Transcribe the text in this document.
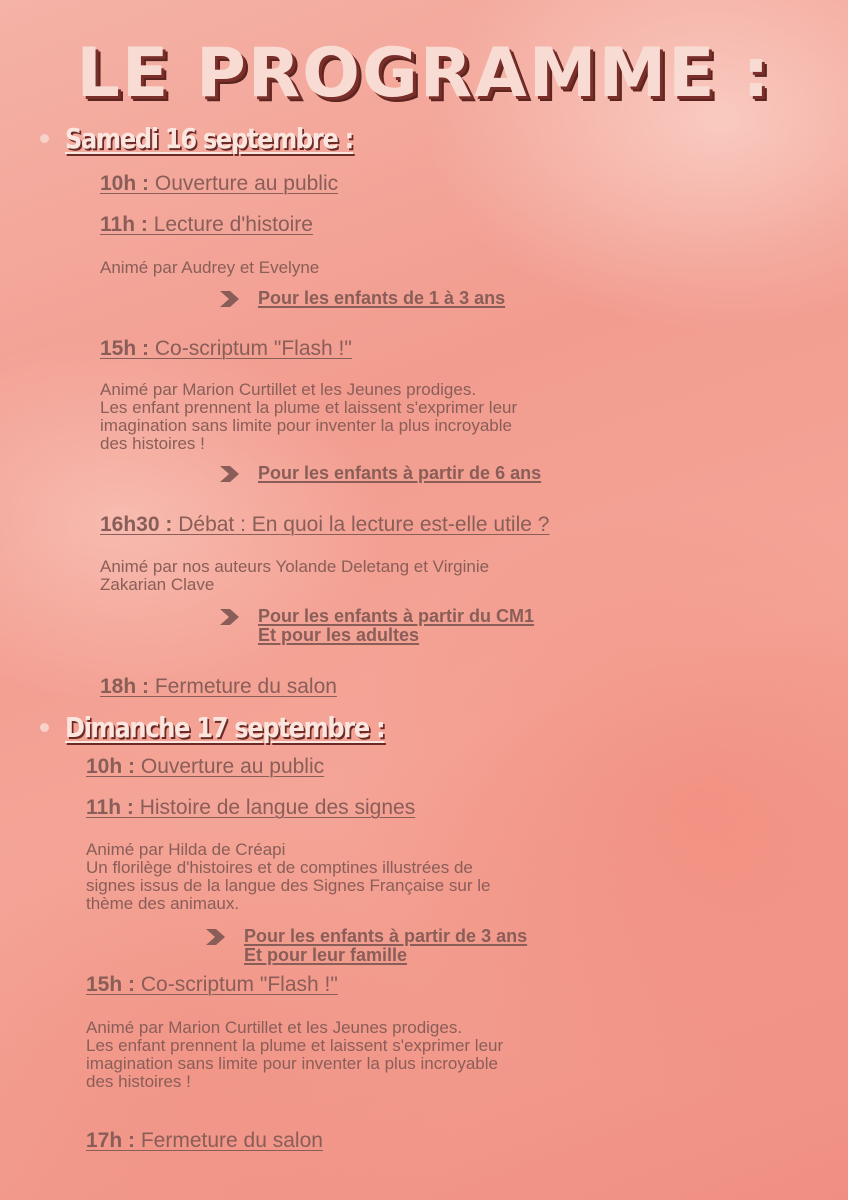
LE PROGRAMME :
Samedi 16 septembre :

10h : Ouverture au public

11h : Lecture d'histoire

Animé par Audrey et Evelyne
Pour les enfants de 1 à 3 ans

15h : Co-scriptum "Flash !"

Animé par Marion Curtillet et les Jeunes prodiges.
Les enfant prennent la plume et laissent s'exprimer leur
imagination sans limite pour inventer la plus incroyable
des histoires !
Pour les enfants à partir de 6 ans

16h30 : Débat : En quoi la lecture est-elle utile ?

Animé par nos auteurs Yolande Deletang et Virginie
Zakarian Clave
Pour les enfants à partir du CM1
Et pour les adultes

18h : Fermeture du salon

Dimanche 17 septembre :

10h : Ouverture au public

11h : Histoire de langue des signes

Animé par Hilda de Créapi
Un florilège d'histoires et de comptines illustrées de
signes issus de la langue des Signes Française sur le
thème des animaux.
Pour les enfants à partir de 3 ans
Et pour leur famille

15h : Co-scriptum "Flash !"

Animé par Marion Curtillet et les Jeunes prodiges.
Les enfant prennent la plume et laissent s'exprimer leur
imagination sans limite pour inventer la plus incroyable
des histoires !

17h : Fermeture du salon
